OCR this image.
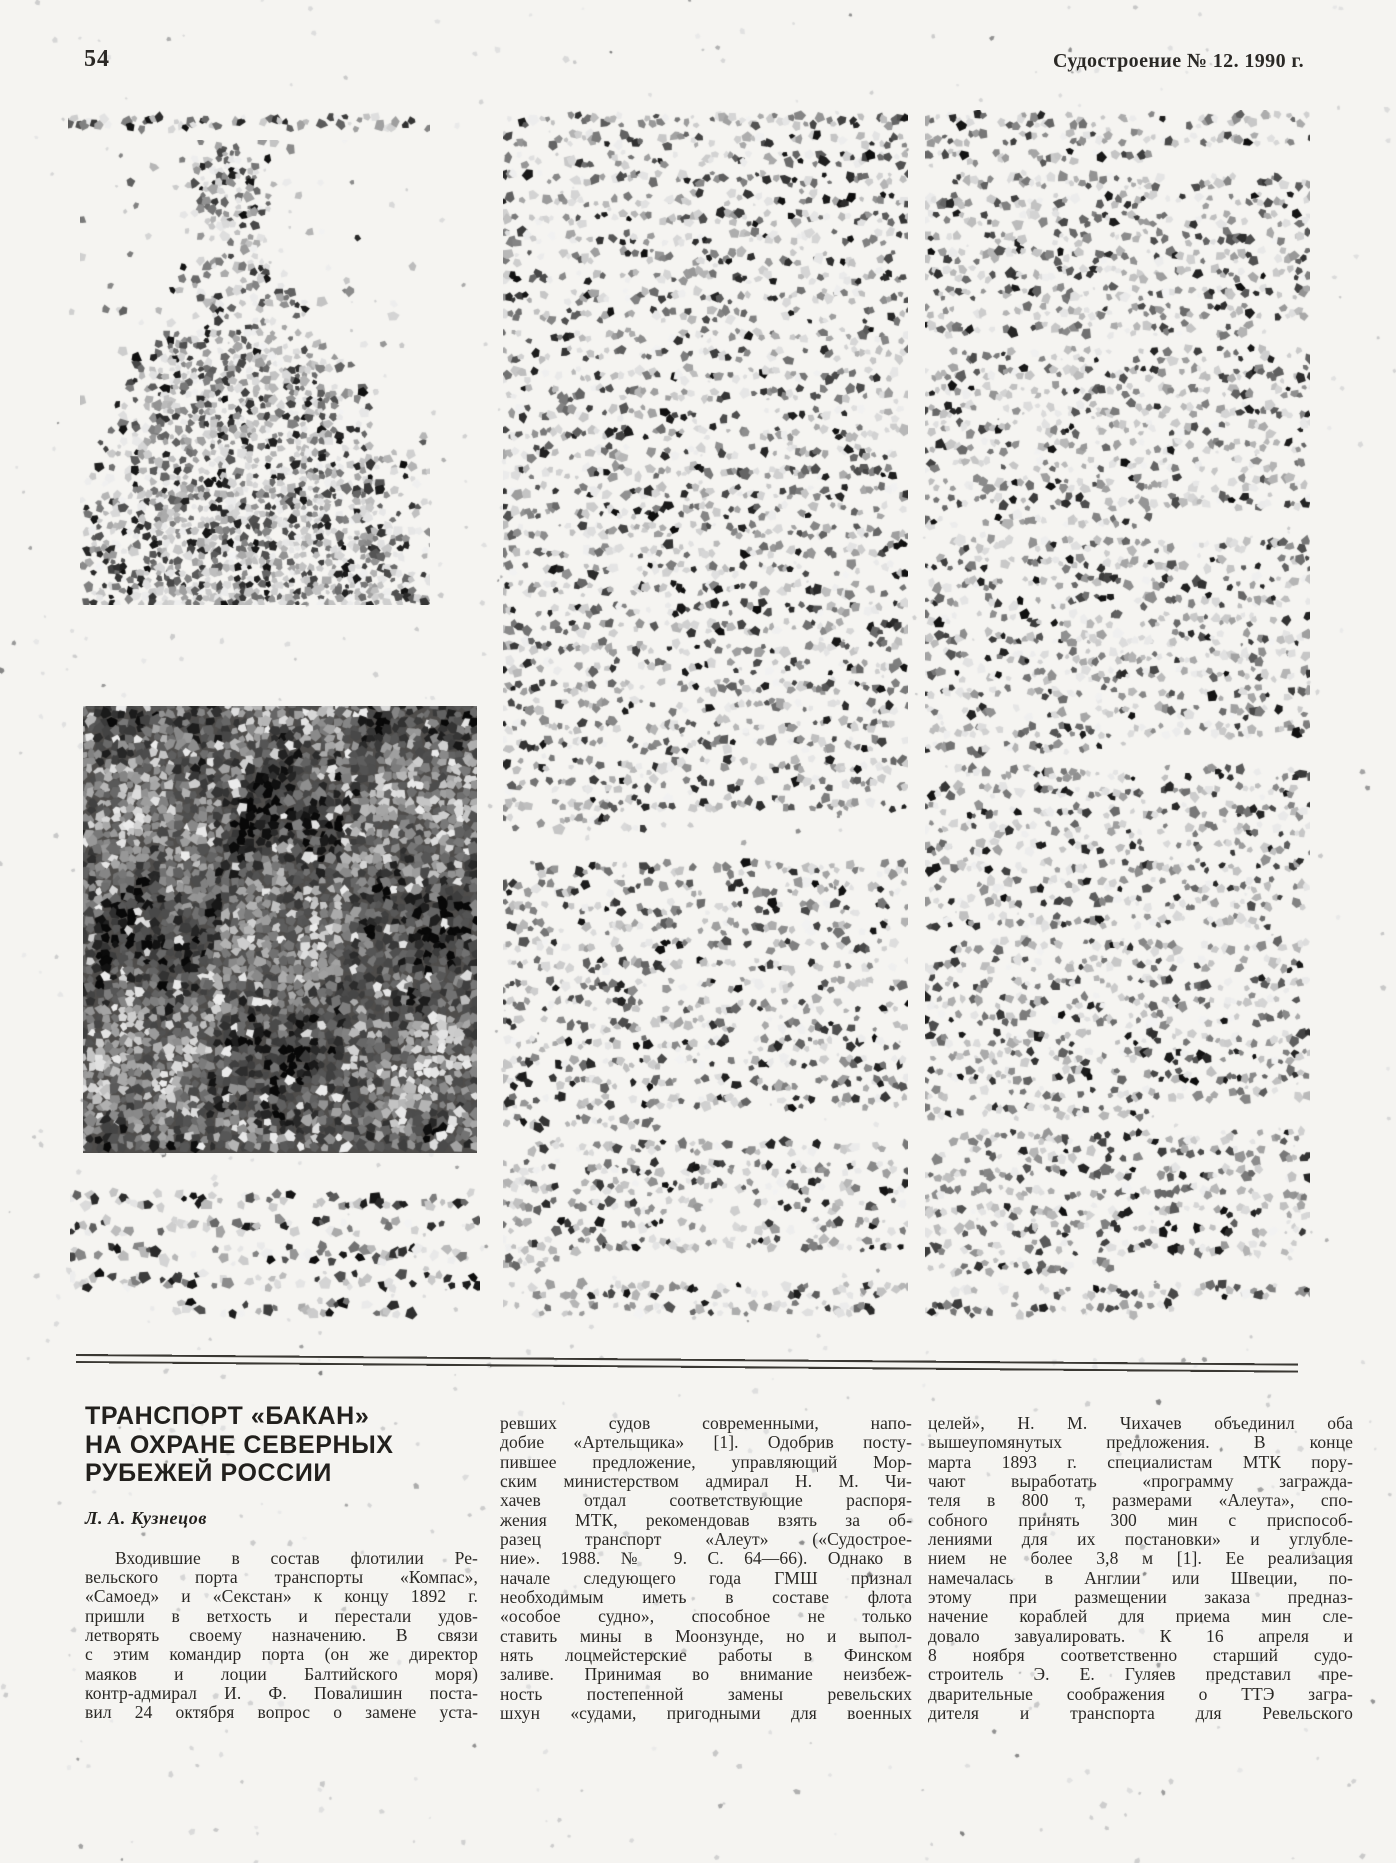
54	Судостроение № 12. 1990 г.
ТРАНСПОРТ «БАКАН»
НА ОХРАНЕ СЕВЕРНЫХ
РУБЕЖЕЙ РОССИИ
Л. А. Кузнецов
Входившие в состав флотилии Ре-
вельского порта транспорты «Компас»,
«Самоед» и «Секстан» к концу 1892 г.
пришли в ветхость и перестали удов-
летворять своему назначению. В связи
с этим командир порта (он же директор
маяков и лоции Балтийского моря)
контр-адмирал И. Ф. Повалишин поста-
вил 24 октября вопрос о замене уста-
ревших судов современными, напо-
добие «Артельщика» [1]. Одобрив посту-
пившее предложение, управляющий Мор-
ским министерством адмирал Н. М. Чи-
хачев отдал соответствующие распоря-
жения МТК, рекомендовав взять за об-
разец транспорт «Алеут» («Судострое-
ние». 1988. № 9. С. 64—66). Однако в
начале следующего года ГМШ признал
необходимым иметь в составе флота
«особое судно», способное не только
ставить мины в Моонзунде, но и выпол-
нять лоцмейстерские работы в Финском
заливе. Принимая во внимание неизбеж-
ность постепенной замены ревельских
шхун «судами, пригодными для военных
целей», Н. М. Чихачев объединил оба
вышеупомянутых предложения. В конце
марта 1893 г. специалистам МТК пору-
чают выработать «программу загражда-
теля в 800 т, размерами «Алеута», спо-
собного принять 300 мин с приспособ-
лениями для их постановки» и углубле-
нием не более 3,8 м [1]. Ее реализация
намечалась в Англии или Швеции, по-
этому при размещении заказа предназ-
начение кораблей для приема мин сле-
довало завуалировать. К 16 апреля и
8 ноября соответственно старший судо-
строитель Э. Е. Гуляев представил пре-
дварительные соображения о ТТЭ загра-
дителя и транспорта для Ревельского
